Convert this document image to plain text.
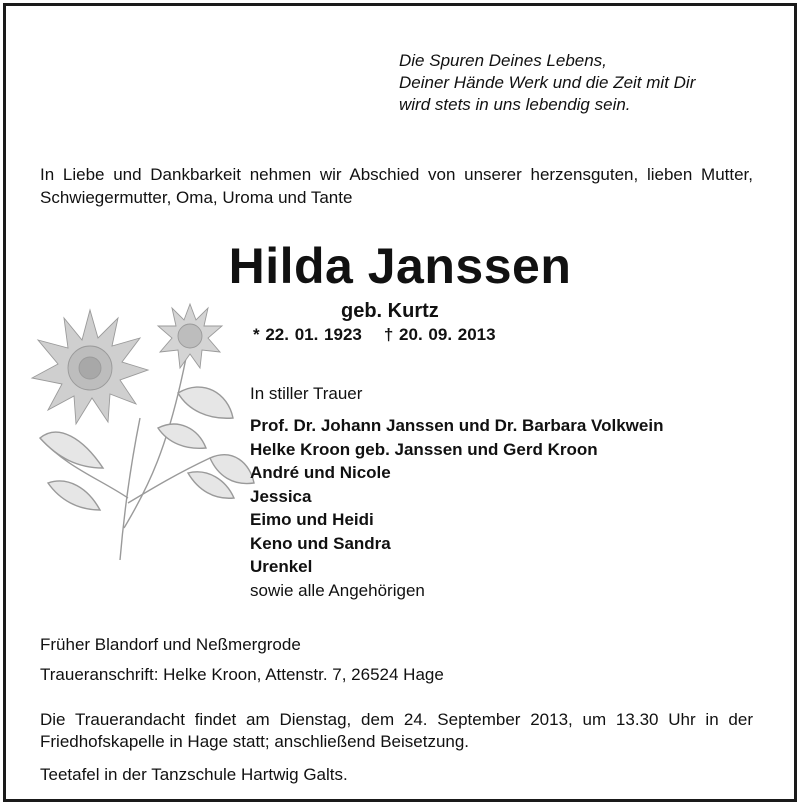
Die Spuren Deines Lebens,
Deiner Hände Werk und die Zeit mit Dir
wird stets in uns lebendig sein.
In Liebe und Dankbarkeit nehmen wir Abschied von unserer herzensguten, lieben Mutter, Schwiegermutter, Oma, Uroma und Tante
Hilda Janssen
geb. Kurtz
* 22. 01. 1923 † 20. 09. 2013
In stiller Trauer
Prof. Dr. Johann Janssen und Dr. Barbara Volkwein
Helke Kroon geb. Janssen und Gerd Kroon
André und Nicole
Jessica
Eimo und Heidi
Keno und Sandra
Urenkel
sowie alle Angehörigen
Früher Blandorf und Neßmergrode
Traueranschrift: Helke Kroon, Attenstr. 7, 26524 Hage
Die Trauerandacht findet am Dienstag, dem 24. September 2013, um 13.30 Uhr in der Friedhofskapelle in Hage statt; anschließend Beisetzung.
Teetafel in der Tanzschule Hartwig Galts.
